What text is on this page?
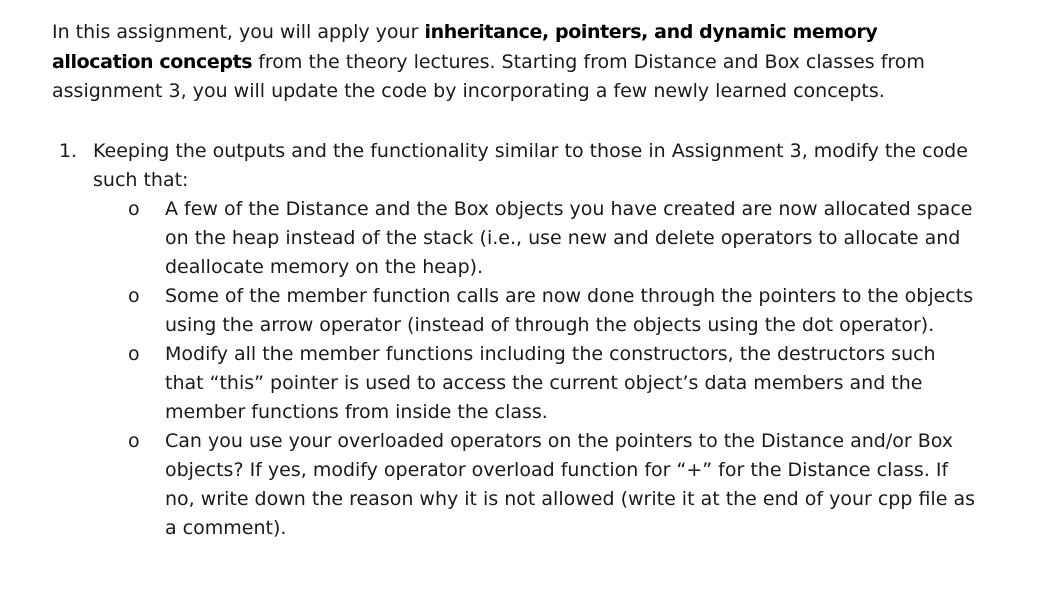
In this assignment, you will apply your inheritance, pointers, and dynamic memory allocation concepts from the theory lectures. Starting from Distance and Box classes from assignment 3, you will update the code by incorporating a few newly learned concepts.

1. Keeping the outputs and the functionality similar to those in Assignment 3, modify the code such that:
o A few of the Distance and the Box objects you have created are now allocated space on the heap instead of the stack (i.e., use new and delete operators to allocate and deallocate memory on the heap).
o Some of the member function calls are now done through the pointers to the objects using the arrow operator (instead of through the objects using the dot operator).
o Modify all the member functions including the constructors, the destructors such that “this” pointer is used to access the current object’s data members and the member functions from inside the class.
o Can you use your overloaded operators on the pointers to the Distance and/or Box objects? If yes, modify operator overload function for “+” for the Distance class. If no, write down the reason why it is not allowed (write it at the end of your cpp file as a comment).
